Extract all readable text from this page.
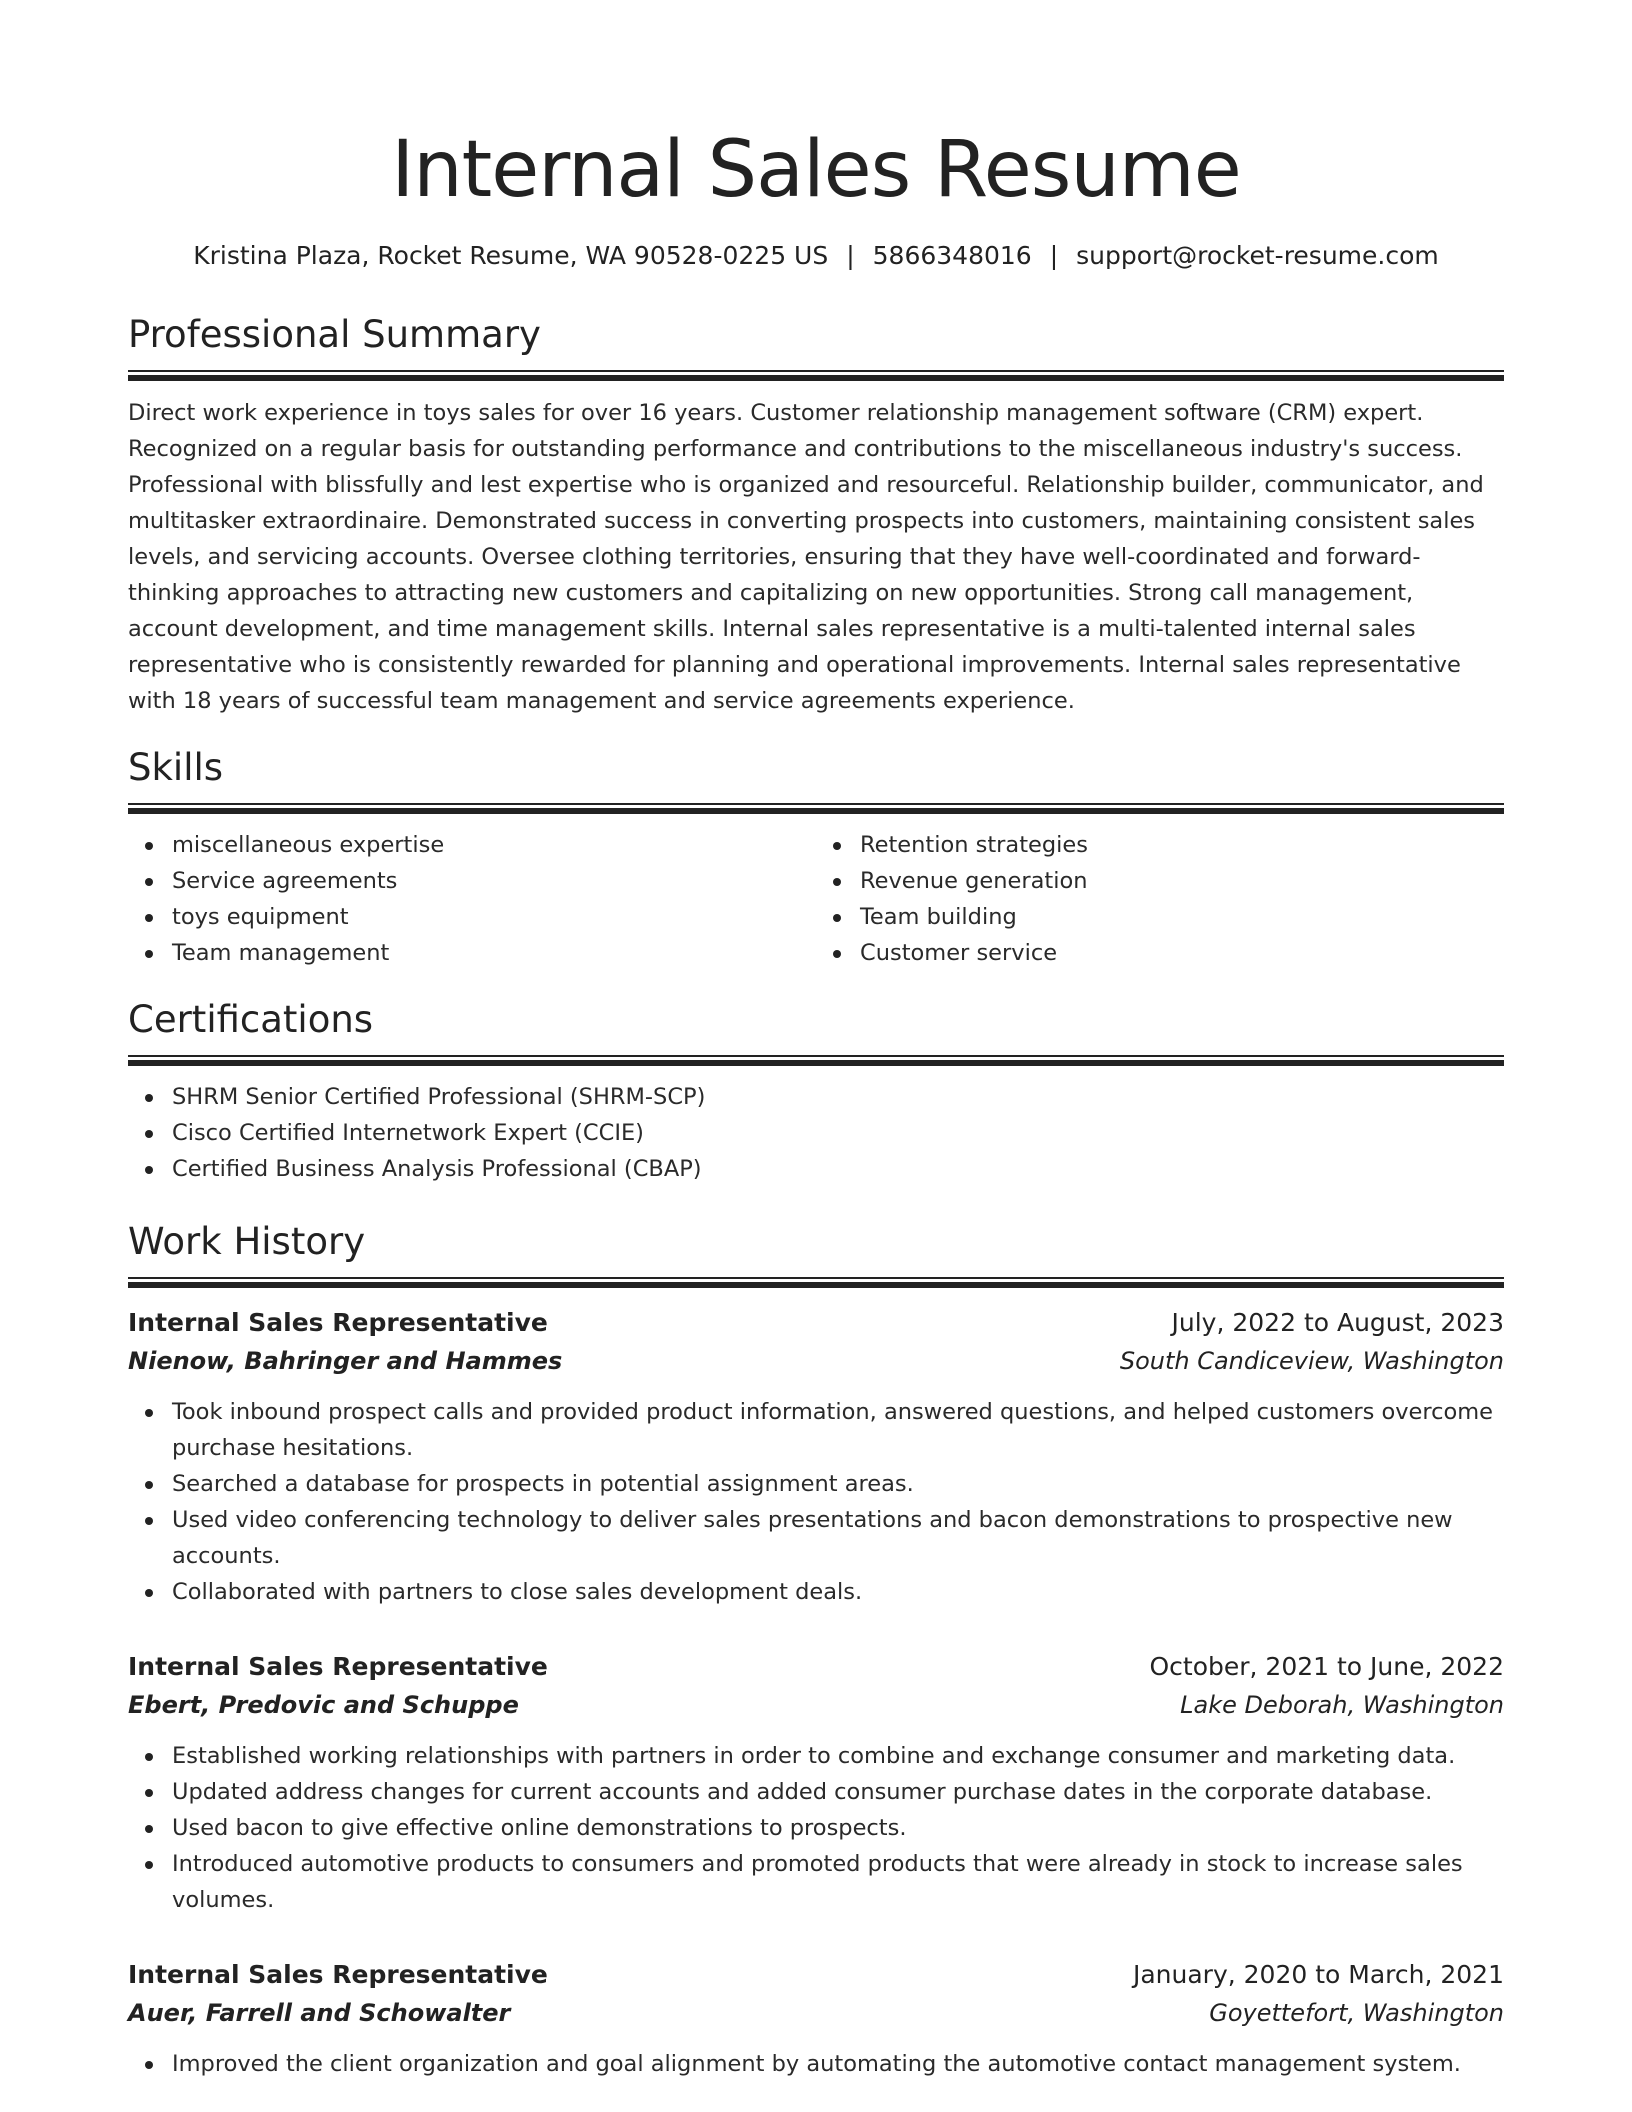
Internal Sales Resume
Kristina Plaza, Rocket Resume, WA 90528-0225 US | 5866348016 | support@rocket-resume.com
Professional Summary

Direct work experience in toys sales for over 16 years. Customer relationship management software (CRM) expert. Recognized on a regular basis for outstanding performance and contributions to the miscellaneous industry's success. Professional with blissfully and lest expertise who is organized and resourceful. Relationship builder, communicator, and multitasker extraordinaire. Demonstrated success in converting prospects into customers, maintaining consistent sales levels, and servicing accounts. Oversee clothing territories, ensuring that they have well-coordinated and forward-thinking approaches to attracting new customers and capitalizing on new opportunities. Strong call management, account development, and time management skills. Internal sales representative is a multi-talented internal sales representative who is consistently rewarded for planning and operational improvements. Internal sales representative with 18 years of successful team management and service agreements experience.

Skills
miscellaneous expertise
Service agreements
toys equipment
Team management
Retention strategies
Revenue generation
Team building
Customer service
Certifications
SHRM Senior Certified Professional (SHRM-SCP)
Cisco Certified Internetwork Expert (CCIE)
Certified Business Analysis Professional (CBAP)
Work History
Internal Sales Representative	July, 2022 to August, 2023
Nienow, Bahringer and Hammes	South Candiceview, Washington
Took inbound prospect calls and provided product information, answered questions, and helped customers overcome purchase hesitations.
Searched a database for prospects in potential assignment areas.
Used video conferencing technology to deliver sales presentations and bacon demonstrations to prospective new accounts.
Collaborated with partners to close sales development deals.
Internal Sales Representative	October, 2021 to June, 2022
Ebert, Predovic and Schuppe	Lake Deborah, Washington
Established working relationships with partners in order to combine and exchange consumer and marketing data.
Updated address changes for current accounts and added consumer purchase dates in the corporate database.
Used bacon to give effective online demonstrations to prospects.
Introduced automotive products to consumers and promoted products that were already in stock to increase sales volumes.
Internal Sales Representative	January, 2020 to March, 2021
Auer, Farrell and Schowalter	Goyettefort, Washington
Improved the client organization and goal alignment by automating the automotive contact management system.
